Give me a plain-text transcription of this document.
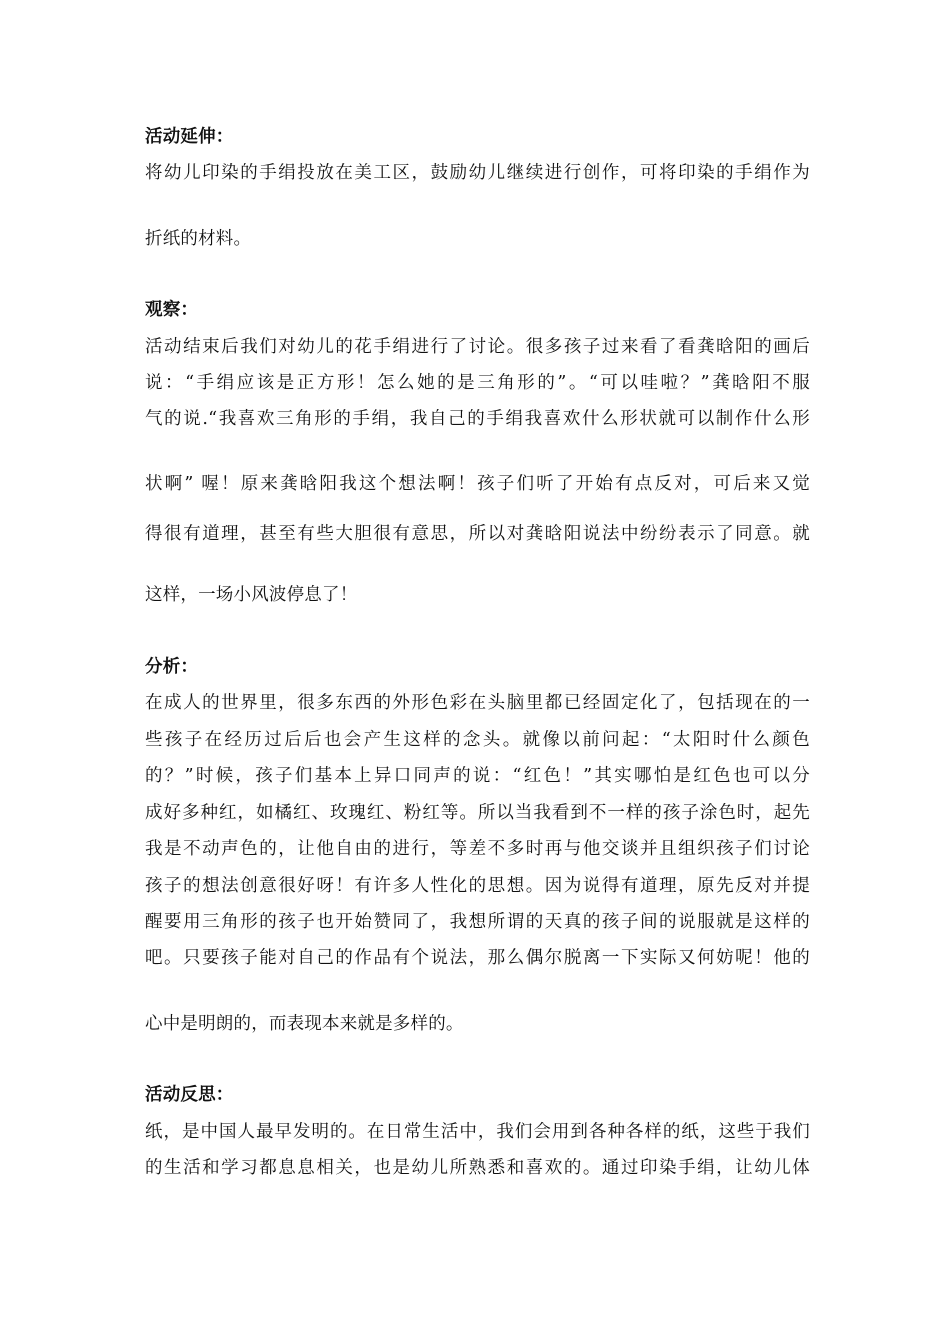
活动延伸：
将幼儿印染的手绢投放在美工区，鼓励幼儿继续进行创作，可将印染的手绢作为
折纸的材料。
观察：
活动结束后我们对幼儿的花手绢进行了讨论。很多孩子过来看了看龚晗阳的画后
说：“手绢应该是正方形！怎么她的是三角形的”。“可以哇啦？”龚晗阳不服
气的说.“我喜欢三角形的手绢，我自己的手绢我喜欢什么形状就可以制作什么形
状啊” 喔！原来龚晗阳我这个想法啊！孩子们听了开始有点反对，可后来又觉
得很有道理，甚至有些大胆很有意思，所以对龚晗阳说法中纷纷表示了同意。就
这样，一场小风波停息了！
分析：
在成人的世界里，很多东西的外形色彩在头脑里都已经固定化了，包括现在的一
些孩子在经历过后后也会产生这样的念头。就像以前问起：“太阳时什么颜色
的？”时候，孩子们基本上异口同声的说：“红色！”其实哪怕是红色也可以分
成好多种红，如橘红、玫瑰红、粉红等。所以当我看到不一样的孩子涂色时，起先
我是不动声色的，让他自由的进行，等差不多时再与他交谈并且组织孩子们讨论
孩子的想法创意很好呀！有许多人性化的思想。因为说得有道理，原先反对并提
醒要用三角形的孩子也开始赞同了，我想所谓的天真的孩子间的说服就是这样的
吧。只要孩子能对自己的作品有个说法，那么偶尔脱离一下实际又何妨呢！他的
心中是明朗的，而表现本来就是多样的。
活动反思：
纸，是中国人最早发明的。在日常生活中，我们会用到各种各样的纸，这些于我们
的生活和学习都息息相关，也是幼儿所熟悉和喜欢的。通过印染手绢，让幼儿体
